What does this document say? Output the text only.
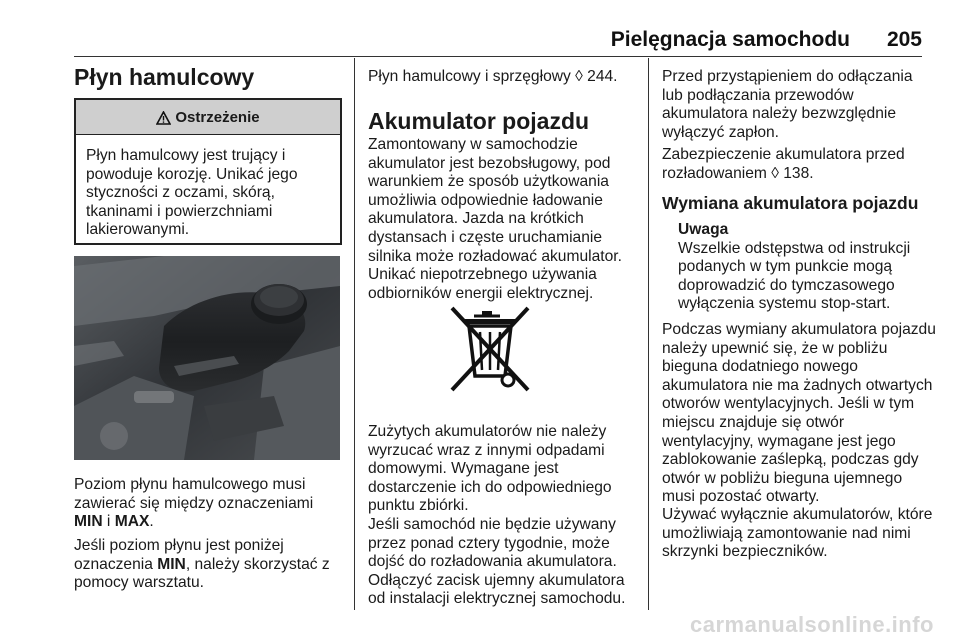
Pielęgnacja samochodu 205
Płyn hamulcowy
Ostrzeżenie
Płyn hamulcowy jest trujący i powoduje korozję. Unikać jego styczności z oczami, skórą, tkaninami i powierzchniami lakierowanymi.

Poziom płynu hamulcowego musi zawierać się między oznaczeniami MIN i MAX.

Jeśli poziom płynu jest poniżej oznaczenia MIN, należy skorzystać z pomocy warsztatu.

Płyn hamulcowy i sprzęgłowy ◊ 244.

Akumulator pojazdu

Zamontowany w samochodzie akumulator jest bezobsługowy, pod warunkiem że sposób użytkowania umożliwia odpowiednie ładowanie akumulatora. Jazda na krótkich dystansach i częste uruchamianie silnika może rozładować akumulator. Unikać niepotrzebnego używania odbiorników energii elektrycznej.

Zużytych akumulatorów nie należy wyrzucać wraz z innymi odpadami domowymi. Wymagane jest dostarczenie ich do odpowiedniego punktu zbiórki.

Jeśli samochód nie będzie używany przez ponad cztery tygodnie, może dojść do rozładowania akumulatora. Odłączyć zacisk ujemny akumulatora od instalacji elektrycznej samochodu.

Przed przystąpieniem do odłączania lub podłączania przewodów akumulatora należy bezwzględnie wyłączyć zapłon.

Zabezpieczenie akumulatora przed rozładowaniem ◊ 138.

Wymiana akumulatora pojazdu
Uwaga

Wszelkie odstępstwa od instrukcji podanych w tym punkcie mogą doprowadzić do tymczasowego wyłączenia systemu stop-start.

Podczas wymiany akumulatora pojazdu należy upewnić się, że w pobliżu bieguna dodatniego nowego akumulatora nie ma żadnych otwartych otworów wentylacyjnych. Jeśli w tym miejscu znajduje się otwór wentylacyjny, wymagane jest jego zablokowanie zaślepką, podczas gdy otwór w pobliżu bieguna ujemnego musi pozostać otwarty.

Używać wyłącznie akumulatorów, które umożliwiają zamontowanie nad nimi skrzynki bezpieczników.

carmanualsonline.info
